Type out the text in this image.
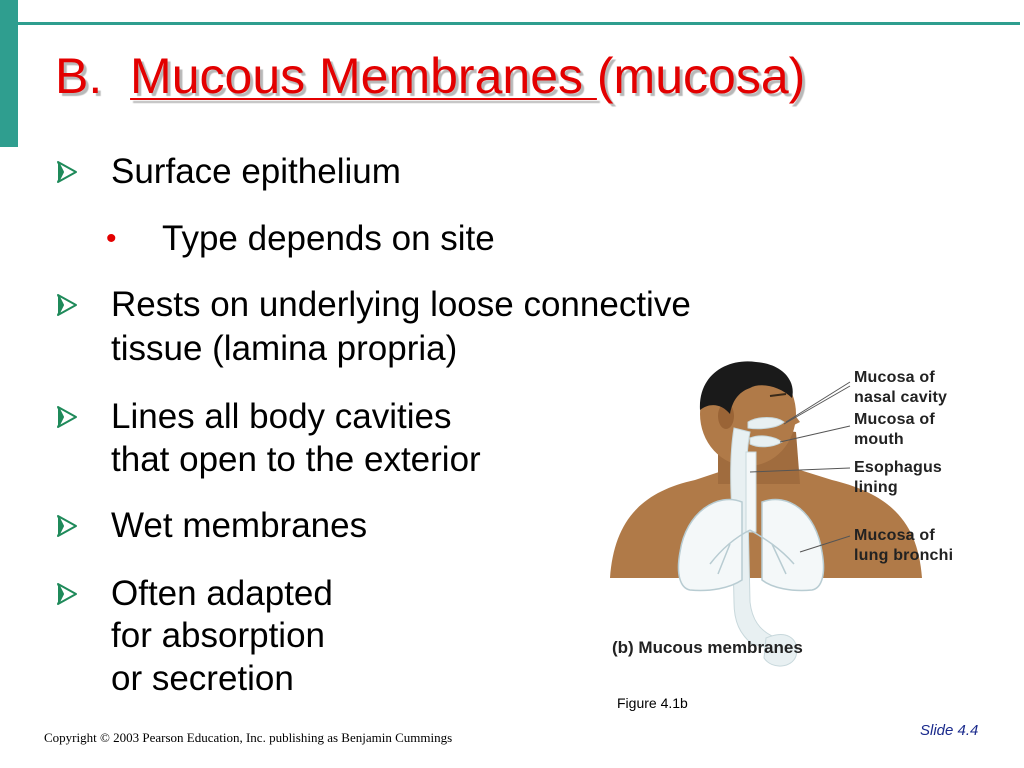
B. Mucous Membranes (mucosa)
Surface epithelium
• Type depends on site
Rests on underlying loose connective
tissue (lamina propria)
Lines all body cavities
that open to the exterior
Wet membranes
Often adapted
for absorption
or secretion
Mucosa of
nasal cavity
Mucosa of
mouth
Esophagus
lining
Mucosa of
lung bronchi
(b) Mucous membranes
Figure 4.1b
Copyright © 2003 Pearson Education, Inc. publishing as Benjamin Cummings	Slide 4.4
